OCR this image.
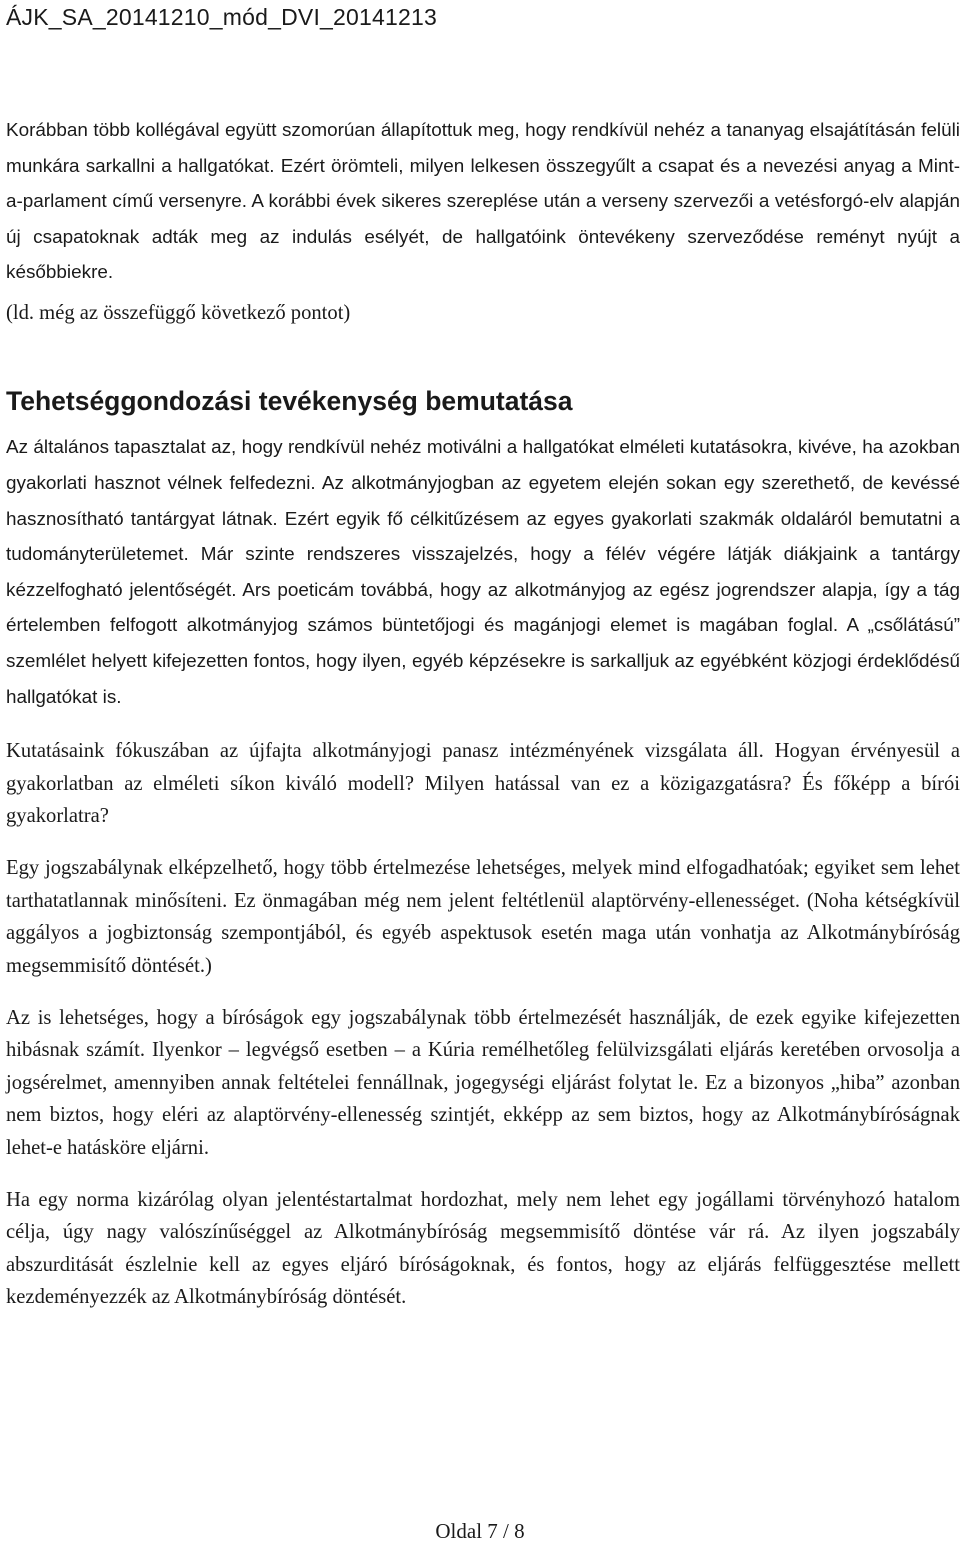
ÁJK_SA_20141210_mód_DVI_20141213

Korábban több kollégával együtt szomorúan állapítottuk meg, hogy rendkívül nehéz a tananyag elsajátításán felüli munkára sarkallni a hallgatókat. Ezért örömteli, milyen lelkesen összegyűlt a csapat és a nevezési anyag a Mint-a-parlament című versenyre. A korábbi évek sikeres szereplése után a verseny szervezői a vetésforgó-elv alapján új csapatoknak adták meg az indulás esélyét, de hallgatóink öntevékeny szerveződése reményt nyújt a későbbiekre.

(ld. még az összefüggő következő pontot)

Tehetséggondozási tevékenység bemutatása

Az általános tapasztalat az, hogy rendkívül nehéz motiválni a hallgatókat elméleti kutatásokra, kivéve, ha azokban gyakorlati hasznot vélnek felfedezni. Az alkotmányjogban az egyetem elején sokan egy szerethető, de kevéssé hasznosítható tantárgyat látnak. Ezért egyik fő célkitűzésem az egyes gyakorlati szakmák oldaláról bemutatni a tudományterületemet. Már szinte rendszeres visszajelzés, hogy a félév végére látják diákjaink a tantárgy kézzelfogható jelentőségét. Ars poeticám továbbá, hogy az alkotmányjog az egész jogrendszer alapja, így a tág értelemben felfogott alkotmányjog számos büntetőjogi és magánjogi elemet is magában foglal. A „csőlátású” szemlélet helyett kifejezetten fontos, hogy ilyen, egyéb képzésekre is sarkalljuk az egyébként közjogi érdeklődésű hallgatókat is.

Kutatásaink fókuszában az újfajta alkotmányjogi panasz intézményének vizsgálata áll. Hogyan érvényesül a gyakorlatban az elméleti síkon kiváló modell? Milyen hatással van ez a közigazgatásra? És főképp a bírói gyakorlatra?

Egy jogszabálynak elképzelhető, hogy több értelmezése lehetséges, melyek mind elfogadhatóak; egyiket sem lehet tarthatatlannak minősíteni. Ez önmagában még nem jelent feltétlenül alaptörvény-ellenességet. (Noha kétségkívül aggályos a jogbiztonság szempontjából, és egyéb aspektusok esetén maga után vonhatja az Alkotmánybíróság megsemmisítő döntését.)

Az is lehetséges, hogy a bíróságok egy jogszabálynak több értelmezését használják, de ezek egyike kifejezetten hibásnak számít. Ilyenkor – legvégső esetben – a Kúria remélhetőleg felülvizsgálati eljárás keretében orvosolja a jogsérelmet, amennyiben annak feltételei fennállnak, jogegységi eljárást folytat le. Ez a bizonyos „hiba” azonban nem biztos, hogy eléri az alaptörvény-ellenesség szintjét, ekképp az sem biztos, hogy az Alkotmánybíróságnak lehet-e hatásköre eljárni.

Ha egy norma kizárólag olyan jelentéstartalmat hordozhat, mely nem lehet egy jogállami törvényhozó hatalom célja, úgy nagy valószínűséggel az Alkotmánybíróság megsemmisítő döntése vár rá. Az ilyen jogszabály abszurditását észlelnie kell az egyes eljáró bíróságoknak, és fontos, hogy az eljárás felfüggesztése mellett kezdeményezzék az Alkotmánybíróság döntését.

Oldal 7 / 8
